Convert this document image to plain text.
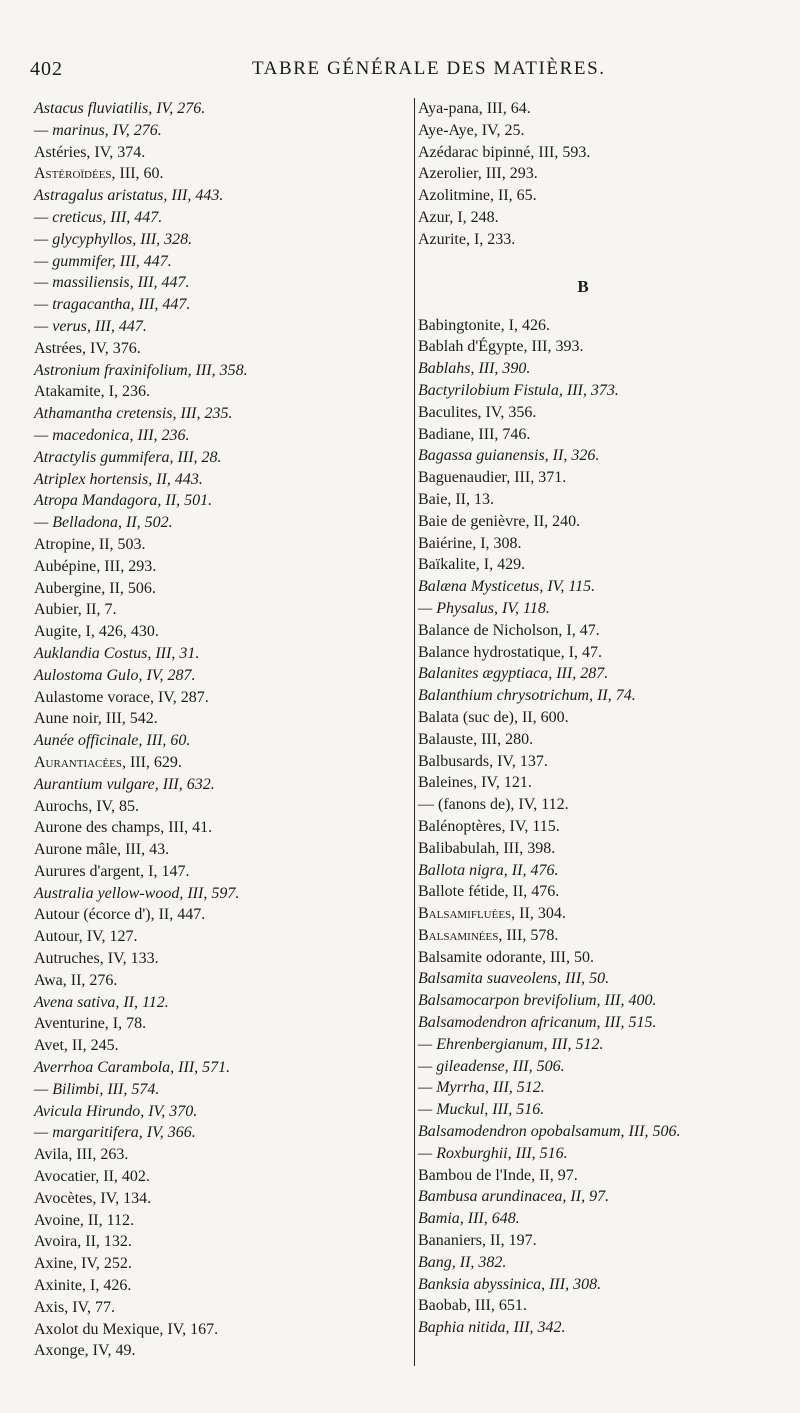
402	TABRE GÉNÉRALE DES MATIÈRES.
Astacus fluviatilis, IV, 276.
— marinus, IV, 276.
Astéries, IV, 374.
Astéroïdées, III, 60.
Astragalus aristatus, III, 443.
— creticus, III, 447.
— glycyphyllos, III, 328.
— gummifer, III, 447.
— massiliensis, III, 447.
— tragacantha, III, 447.
— verus, III, 447.
Astrées, IV, 376.
Astronium fraxinifolium, III, 358.
Atakamite, I, 236.
Athamantha cretensis, III, 235.
— macedonica, III, 236.
Atractylis gummifera, III, 28.
Atriplex hortensis, II, 443.
Atropa Mandagora, II, 501.
— Belladona, II, 502.
Atropine, II, 503.
Aubépine, III, 293.
Aubergine, II, 506.
Aubier, II, 7.
Augite, I, 426, 430.
Auklandia Costus, III, 31.
Aulostoma Gulo, IV, 287.
Aulastome vorace, IV, 287.
Aune noir, III, 542.
Aunée officinale, III, 60.
Aurantiacées, III, 629.
Aurantium vulgare, III, 632.
Aurochs, IV, 85.
Aurone des champs, III, 41.
Aurone mâle, III, 43.
Aurures d'argent, I, 147.
Australia yellow-wood, III, 597.
Autour (écorce d'), II, 447.
Autour, IV, 127.
Autruches, IV, 133.
Awa, II, 276.
Avena sativa, II, 112.
Aventurine, I, 78.
Avet, II, 245.
Averrhoa Carambola, III, 571.
— Bilimbi, III, 574.
Avicula Hirundo, IV, 370.
— margaritifera, IV, 366.
Avila, III, 263.
Avocatier, II, 402.
Avocètes, IV, 134.
Avoine, II, 112.
Avoira, II, 132.
Axine, IV, 252.
Axinite, I, 426.
Axis, IV, 77.
Axolot du Mexique, IV, 167.
Axonge, IV, 49.
Aya-pana, III, 64.
Aye-Aye, IV, 25.
Azédarac bipinné, III, 593.
Azerolier, III, 293.
Azolitmine, II, 65.
Azur, I, 248.
Azurite, I, 233.
B
Babingtonite, I, 426.
Bablah d'Égypte, III, 393.
Bablahs, III, 390.
Bactyrilobium Fistula, III, 373.
Baculites, IV, 356.
Badiane, III, 746.
Bagassa guianensis, II, 326.
Baguenaudier, III, 371.
Baie, II, 13.
Baie de genièvre, II, 240.
Baiérine, I, 308.
Baïkalite, I, 429.
Balæna Mysticetus, IV, 115.
— Physalus, IV, 118.
Balance de Nicholson, I, 47.
Balance hydrostatique, I, 47.
Balanites ægyptiaca, III, 287.
Balanthium chrysotrichum, II, 74.
Balata (suc de), II, 600.
Balauste, III, 280.
Balbusards, IV, 137.
Baleines, IV, 121.
— (fanons de), IV, 112.
Balénoptères, IV, 115.
Balibabulah, III, 398.
Ballota nigra, II, 476.
Ballote fétide, II, 476.
Balsamifluées, II, 304.
Balsaminées, III, 578.
Balsamite odorante, III, 50.
Balsamita suaveolens, III, 50.
Balsamocarpon brevifolium, III, 400.
Balsamodendron africanum, III, 515.
— Ehrenbergianum, III, 512.
— gileadense, III, 506.
— Myrrha, III, 512.
— Muckul, III, 516.
Balsamodendron opobalsamum, III, 506.
— Roxburghii, III, 516.
Bambou de l'Inde, II, 97.
Bambusa arundinacea, II, 97.
Bamia, III, 648.
Bananiers, II, 197.
Bang, II, 382.
Banksia abyssinica, III, 308.
Baobab, III, 651.
Baphia nitida, III, 342.
